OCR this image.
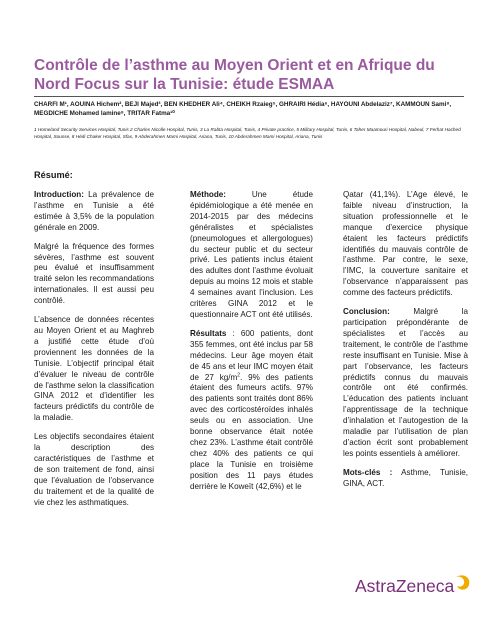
Contrôle de l’asthme au Moyen Orient et en Afrique du Nord Focus sur la Tunisie: étude ESMAA
CHARFI M¹, AOUINA Hichem², BEJI Majed³, BEN KHEDHER Ali⁴, CHEIKH Rzaieg⁵, GHRAIRI Hédia⁶, HAYOUNI Abdelaziz⁷, KAMMOUN Sami⁸, MEGDICHE Mohamed lamine⁹, TRITAR Fatma¹⁰
1 Homeland Security Services Hospital, Tunis 2 Charles Nicolle Hospital, Tunis, 3 La Rabta Hospital, Tunis, 4 Private practice, 5 Military Hospital, Tunis, 6 Taher Maamouri Hospital, Nabeul, 7 Ferhat Hached Hospital, Sousse, 8 Hédi Chaker Hospital, Sfax, 9 Abderahmen Mami Hospital, Ariana, Tunis, 10 Abderahmen Mami Hospital, Ariana, Tunis
Résumé:

Introduction: La prévalence de l’asthme en Tunisie a été estimée à 3,5% de la population générale en 2009.

Malgré la fréquence des formes sévères, l’asthme est souvent peu évalué et insuffisamment traité selon les recommandations internationales. Il est aussi peu contrôlé.

L’absence de données récentes au Moyen Orient et au Maghreb a justifié cette étude d’où proviennent les données de la Tunisie. L’objectif principal était d’évaluer le niveau de contrôle de l'asthme selon la classification GINA 2012 et d’identifier les facteurs prédictifs du contrôle de la maladie.

Les objectifs secondaires étaient la description des caractéristiques de l’asthme et de son traitement de fond, ainsi que l’évaluation de l’observance du traitement et de la qualité de vie chez les asthmatiques.

Méthode: Une étude épidémiologique a été menée en 2014-2015 par des médecins généralistes et spécialistes (pneumologues et allergologues) du secteur public et du secteur privé. Les patients inclus étaient des adultes dont l’asthme évoluait depuis au moins 12 mois et stable 4 semaines avant l’inclusion. Les critères GINA 2012 et le questionnaire ACT ont été utilisés.

Résultats : 600 patients, dont 355 femmes, ont été inclus par 58 médecins. Leur âge moyen était de 45 ans et leur IMC moyen était de 27 $kg/m^2$. 9% des patients étaient des fumeurs actifs. 97% des patients sont traités dont 86% avec des corticostéroïdes inhalés seuls ou en association. Une bonne observance était notée chez 23%. L’asthme était contrôlé chez 40% des patients ce qui place la Tunisie en troisième position des 11 pays études derrière le Koweït (42,6%) et le

Qatar (41,1%). L’Age élevé, le faible niveau d’instruction, la situation professionnelle et le manque d’exercice physique étaient les facteurs prédictifs identifiés du mauvais contrôle de l’asthme. Par contre, le sexe, l’IMC, la couverture sanitaire et l’observance n’apparaissent pas comme des facteurs prédictifs.

Conclusion: Malgré la participation prépondérante de spécialistes et l’accès au traitement, le contrôle de l’asthme reste insuffisant en Tunisie. Mise à part l’observance, les facteurs prédictifs connus du mauvais contrôle ont été confirmés. L’éducation des patients incluant l’apprentissage de la technique d’inhalation et l’autogestion de la maladie par l’utilisation de plan d’action écrit sont probablement les points essentiels à améliorer.

Mots-clés : Asthme, Tunisie, GINA, ACT.

AstraZeneca
